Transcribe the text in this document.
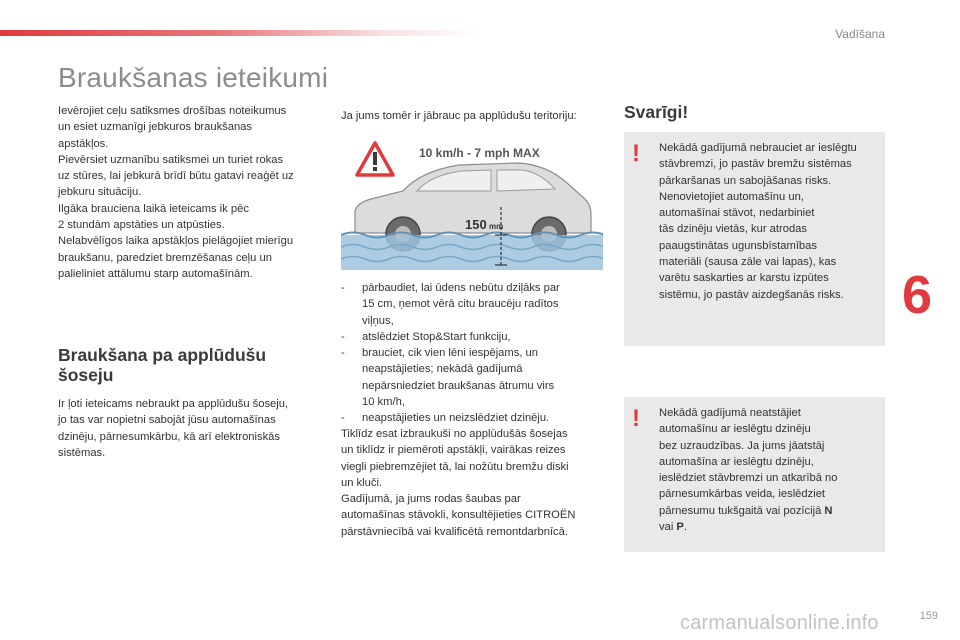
Vadīšana
6
159
Braukšanas ieteikumi
Ievērojiet ceļu satiksmes drošības noteikumus
un esiet uzmanīgi jebkuros braukšanas
apstākļos.
Pievērsiet uzmanību satiksmei un turiet rokas
uz stūres, lai jebkurā brīdī būtu gatavi reaģēt uz
jebkuru situāciju.
Ilgāka brauciena laikā ieteicams ik pēc
2 stundām apstāties un atpūsties.
Nelabvēlīgos laika apstākļos pielāgojiet mierīgu
braukšanu, paredziet bremzēšanas ceļu un
palieliniet attālumu starp automašīnām.
Braukšana pa applūdušu
šoseju
Ir ļoti ieteicams nebraukt pa applūdušu šoseju,
jo tas var nopietni sabojāt jūsu automašīnas
dzinēju, pārnesumkārbu, kā arī elektroniskās
sistēmas.
Ja jums tomēr ir jābrauc pa applūdušu teritoriju:
10 km/h - 7 mph MAX
150 mm
- pārbaudiet, lai ūdens nebūtu dziļāks par
15 cm, ņemot vērā citu braucēju radītos
viļņus,
- atslēdziet Stop&Start funkciju,
- brauciet, cik vien lēni iespējams, un
neapstājieties; nekādā gadījumā
nepārsniedziet braukšanas ātrumu virs
10 km/h,
- neapstājieties un neizslēdziet dzinēju.
Tiklīdz esat izbraukuši no applūdušās šosejas
un tiklīdz ir piemēroti apstākļi, vairākas reizes
viegli piebremzējiet tā, lai nožūtu bremžu diski
un kluči.
Gadījumā, ja jums rodas šaubas par
automašīnas stāvokli, konsultējieties CITROËN
pārstāvniecībā vai kvalificētā remontdarbnīcā.
Svarīgi!
! Nekādā gadījumā nebrauciet ar ieslēgtu
stāvbremzi, jo pastāv bremžu sistēmas
pārkaršanas un sabojāšanas risks.
Nenovietojiet automašīnu un,
automašīnai stāvot, nedarbiniet
tās dzinēju vietās, kur atrodas
paaugstinātas ugunsbīstamības
materiāli (sausa zāle vai lapas), kas
varētu saskarties ar karstu izpūtes
sistēmu, jo pastāv aizdegšanās risks.
! Nekādā gadījumā neatstājiet
automašīnu ar ieslēgtu dzinēju
bez uzraudzības. Ja jums jāatstāj
automašīna ar ieslēgtu dzinēju,
ieslēdziet stāvbremzi un atkarībā no
pārnesumkārbas veida, ieslēdziet
pārnesumu tukšgaitā vai pozīcijā N
vai P.
carmanualsonline.info
